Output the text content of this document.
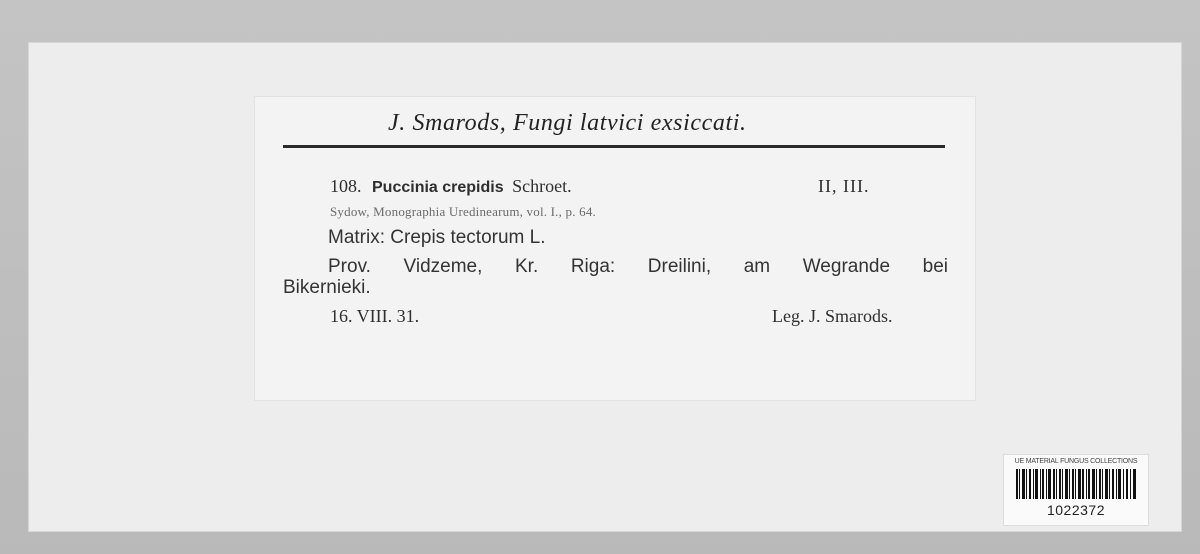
J. Smarods, Fungi latvici exsiccati.
108. Puccinia crepidis Schroet.	II, III.
Sydow, Monographia Uredinearum, vol. I., p. 64.
Matrix: Crepis tectorum L.
Prov. Vidzeme, Kr. Riga: Dreilini, am Wegrande bei
Bikernieki.
16. VIII. 31.	Leg. J. Smarods.
UE MATERIAL FUNGUS COLLECTIONS
1022372
